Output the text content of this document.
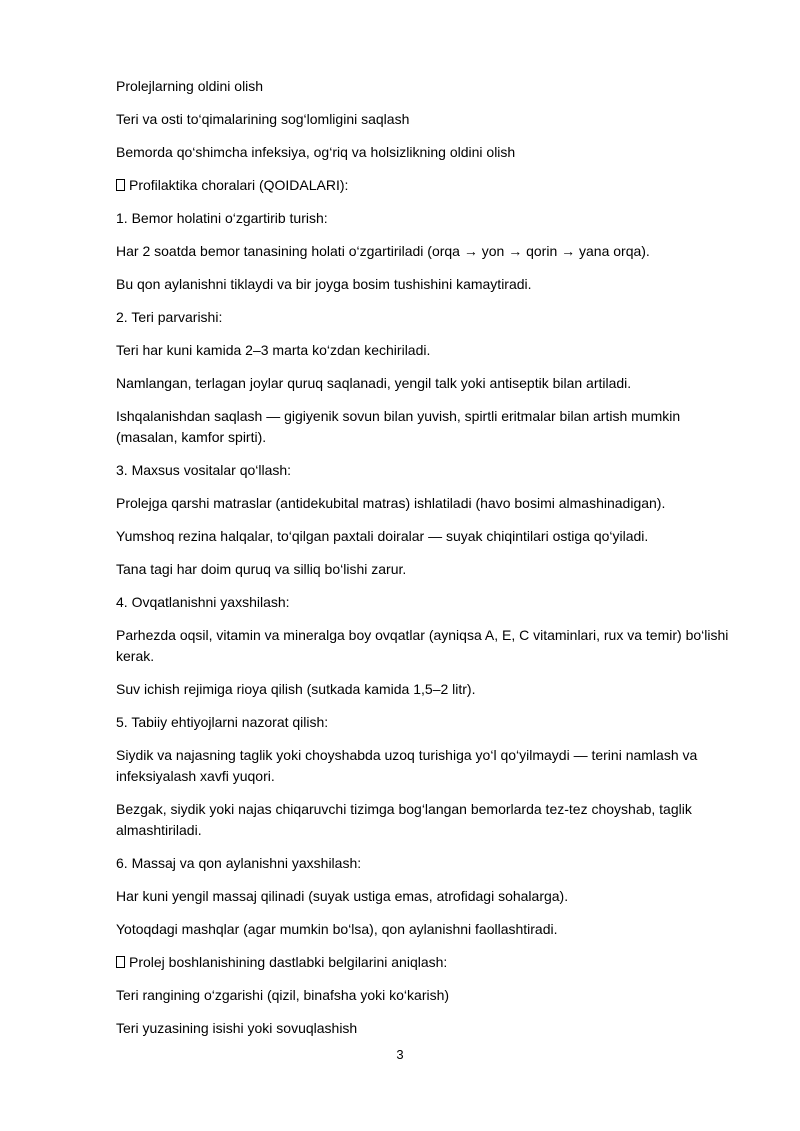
Prolejlarning oldini olish

Teri va osti to‘qimalarining sog‘lomligini saqlash

Bemorda qo‘shimcha infeksiya, og‘riq va holsizlikning oldini olish

Profilaktika choralari (QOIDALARI):

1. Bemor holatini o‘zgartirib turish:

Har 2 soatda bemor tanasining holati o‘zgartiriladi (orqa → yon → qorin → yana orqa).

Bu qon aylanishni tiklaydi va bir joyga bosim tushishini kamaytiradi.

2. Teri parvarishi:

Teri har kuni kamida 2–3 marta ko‘zdan kechiriladi.

Namlangan, terlagan joylar quruq saqlanadi, yengil talk yoki antiseptik bilan artiladi.

Ishqalanishdan saqlash — gigiyenik sovun bilan yuvish, spirtli eritmalar bilan artish mumkin (masalan, kamfor spirti).

3. Maxsus vositalar qo‘llash:

Prolejga qarshi matraslar (antidekubital matras) ishlatiladi (havo bosimi almashinadigan).

Yumshoq rezina halqalar, to‘qilgan paxtali doiralar — suyak chiqintilari ostiga qo‘yiladi.

Tana tagi har doim quruq va silliq bo‘lishi zarur.

4. Ovqatlanishni yaxshilash:

Parhezda oqsil, vitamin va mineralga boy ovqatlar (ayniqsa A, E, C vitaminlari, rux va temir) bo‘lishi kerak.

Suv ichish rejimiga rioya qilish (sutkada kamida 1,5–2 litr).

5. Tabiiy ehtiyojlarni nazorat qilish:

Siydik va najasning taglik yoki choyshabda uzoq turishiga yo‘l qo‘yilmaydi — terini namlash va infeksiyalash xavfi yuqori.

Bezgak, siydik yoki najas chiqaruvchi tizimga bog‘langan bemorlarda tez-tez choyshab, taglik almashtiriladi.

6. Massaj va qon aylanishni yaxshilash:

Har kuni yengil massaj qilinadi (suyak ustiga emas, atrofidagi sohalarga).

Yotoqdagi mashqlar (agar mumkin bo‘lsa), qon aylanishni faollashtiradi.

Prolej boshlanishining dastlabki belgilarini aniqlash:

Teri rangining o‘zgarishi (qizil, binafsha yoki ko‘karish)

Teri yuzasining isishi yoki sovuqlashish

3
